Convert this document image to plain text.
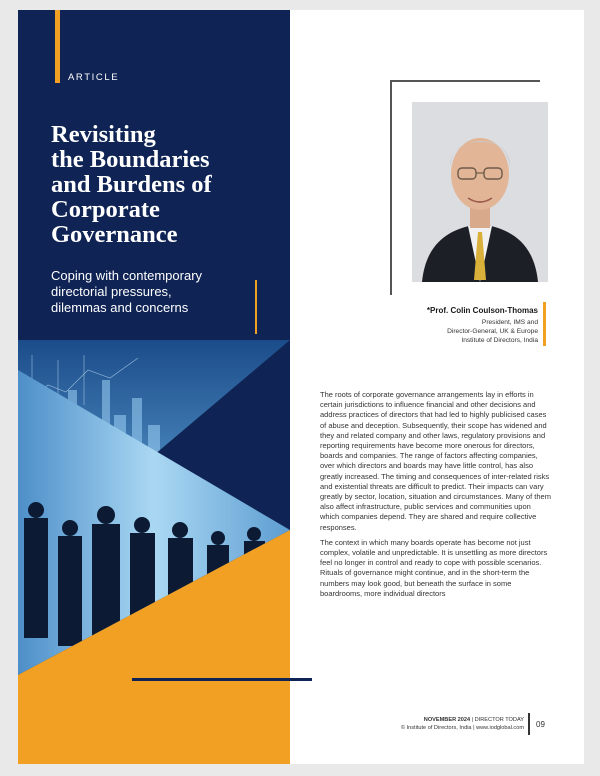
ARTICLE
Revisiting
the Boundaries
and Burdens of
Corporate
Governance

Coping with contemporary
directorial pressures,
dilemmas and concerns	*Prof. Colin Coulson-Thomas
President, IMS and
Director-General, UK & Europe
Institute of Directors, India

The roots of corporate governance arrangements lay in efforts in certain jurisdictions to influence financial and other decisions and address practices of directors that had led to highly publicised cases of abuse and deception. Subsequently, their scope has widened and they and related company and other laws, regulatory provisions and reporting requirements have become more onerous for directors, boards and companies. The range of factors affecting companies, over which directors and boards may have little control, has also greatly increased. The timing and consequences of inter-related risks and existential threats are difficult to predict. Their impacts can vary greatly by sector, location, situation and circumstances. Many of them also affect infrastructure, public services and communities upon which companies depend. They are shared and require collective responses.

The context in which many boards operate has become not just complex, volatile and unpredictable. It is unsettling as more directors feel no longer in control and ready to cope with possible scenarios. Rituals of governance might continue, and in the short-term the numbers may look good, but beneath the surface in some boardrooms, more individual directors

NOVEMBER 2024 | DIRECTOR TODAY
© Institute of Directors, India | www.iodglobal.com 09
